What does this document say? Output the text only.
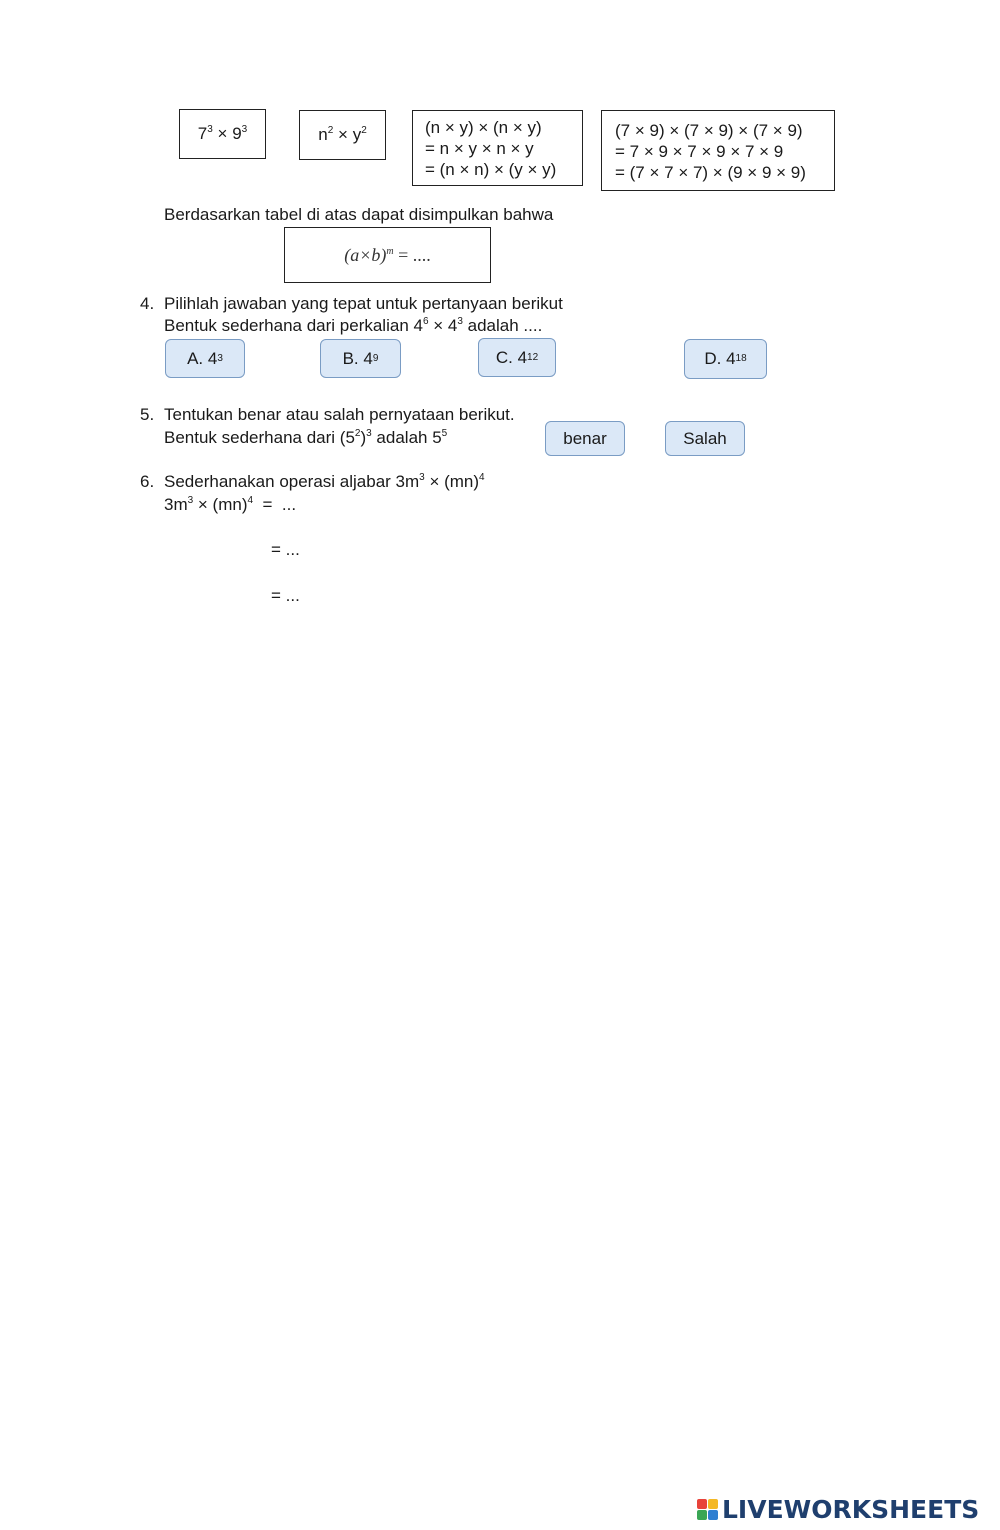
$7^3 \times 9^3$	$n^2 \times y^2$	(n × y) × (n × y)
= n × y × n × y
= (n × n) × (y × y)
(7 × 9) × (7 × 9) × (7 × 9)
= 7 × 9 × 7 × 9 × 7 × 9
= (7 × 7 × 7) × (9 × 9 × 9)
Berdasarkan tabel di atas dapat disimpulkan bahwa
$(a\times b)^m$ = ....
4. Pilihlah jawaban yang tepat untuk pertanyaan berikut
Bentuk sederhana dari perkalian $4^6 \times 4^3$ adalah ....
A. 4 3	B. 4 9	C. 4 12	D. 4 18
5. Tentukan benar atau salah pernyataan berikut.
Bentuk sederhana dari $(5^2)^3$ adalah $5^5$	benar	Salah
6. Sederhanakan operasi aljabar $3m^3 \times (mn)^4$
$3m^3 \times (mn)^4$  =  ...
= ...
= ...
LIVEWORKSHEETS
